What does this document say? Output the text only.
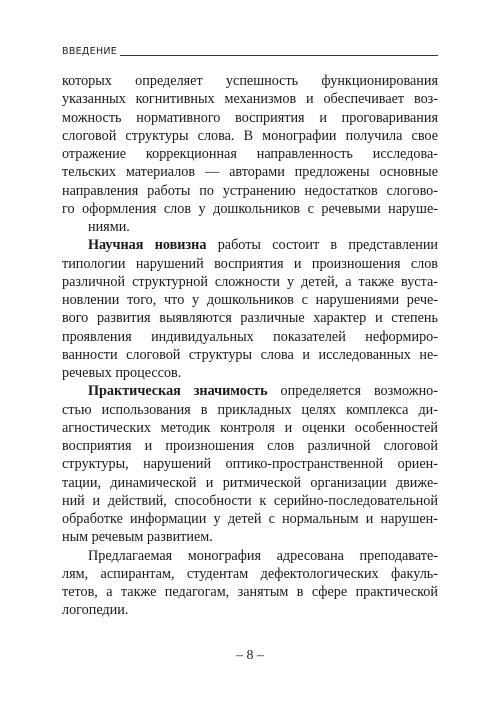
ВВЕДЕНИЕ
которых определяет успешность функционирования
указанных когнитивных механизмов и обеспечивает воз-
можность нормативного восприятия и проговаривания
слоговой структуры слова. В монографии получила свое
отражение коррекционная направленность исследова-
тельских материалов — авторами предложены основные
направления работы по устранению недостатков слогово-
го оформления слов у дошкольников с речевыми наруше-
ниями.
Научная новизна работы состоит в представлении
типологии нарушений восприятия и произношения слов
различной структурной сложности у детей, а также вуста-
новлении того, что у дошкольников с нарушениями рече-
вого развития выявляются различные характер и степень
проявления индивидуальных показателей неформиро-
ванности слоговой структуры слова и исследованных не-
речевых процессов.
Практическая значимость определяется возможно-
стью использования в прикладных целях комплекса ди-
агностических методик контроля и оценки особенностей
восприятия и произношения слов различной слоговой
структуры, нарушений оптико-пространственной ориен-
тации, динамической и ритмической организации движе-
ний и действий, способности к серийно-последовательной
обработке информации у детей с нормальным и нарушен-
ным речевым развитием.
Предлагаемая монография адресована преподавате-
лям, аспирантам, студентам дефектологических факуль-
тетов, а также педагогам, занятым в сфере практической
логопедии.
– 8 –
